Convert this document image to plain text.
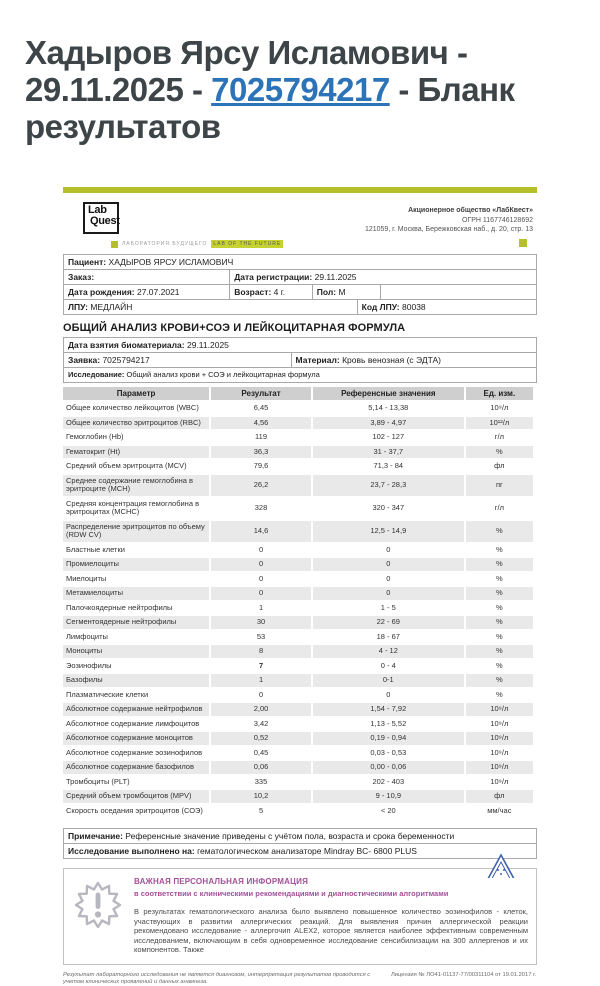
Хадыров Ярсу Исламович - 29.11.2025 - 7025794217 - Бланк результатов
Lab
Quest
ЛАБОРАТОРИЯ БУДУЩЕГО	LAB OF THE FUTURE
Акционерное общество «ЛабКвест»
ОГРН 1167746128692
121059, г. Москва, Бережковская наб., д. 20, стр. 13
Пациент: ХАДЫРОВ ЯРСУ ИСЛАМОВИЧ
Заказ:	Дата регистрации: 29.11.2025
Дата рождения: 27.07.2021	Возраст: 4 г.	Пол: М
ЛПУ: МЕДЛАЙН	Код ЛПУ: 80038
ОБЩИЙ АНАЛИЗ КРОВИ+СОЭ И ЛЕЙКОЦИТАРНАЯ ФОРМУЛА
Дата взятия биоматериала: 29.11.2025
Заявка: 7025794217	Материал: Кровь венозная (с ЭДТА)
Исследование: Общий анализ крови + СОЭ и лейкоцитарная формула
Параметр	Результат	Референсные значения	Ед. изм.
Общее количество лейкоцитов (WBC)	6,45	5,14 - 13,38	10⁹/л
Общее количество эритроцитов (RBC)	4,56	3,89 - 4,97	10¹²/л
Гемоглобин (Hb)	119	102 - 127	г/л
Гематокрит (Ht)	36,3	31 - 37,7	%
Средний объем эритроцита (MCV)	79,6	71,3 - 84	фл
Среднее содержание гемоглобина в эритроците (MCH)	26,2	23,7 - 28,3	пг
Средняя концентрация гемоглобина в эритроцитах (MCHC)	328	320 - 347	г/л
Распределение эритроцитов по объему (RDW CV)	14,6	12,5 - 14,9	%
Бластные клетки	0	0	%
Промиелоциты	0	0	%
Миелоциты	0	0	%
Метамиелоциты	0	0	%
Палочкоядерные нейтрофилы	1	1 - 5	%
Сегментоядерные нейтрофилы	30	22 - 69	%
Лимфоциты	53	18 - 67	%
Моноциты	8	4 - 12	%
Эозинофилы	7	0 - 4	%
Базофилы	1	0-1	%
Плазматические клетки	0	0	%
Абсолютное содержание нейтрофилов	2,00	1,54 - 7,92	10⁹/л
Абсолютное содержание лимфоцитов	3,42	1,13 - 5,52	10⁹/л
Абсолютное содержание моноцитов	0,52	0,19 - 0,94	10⁹/л
Абсолютное содержание эозинофилов	0,45	0,03 - 0,53	10⁹/л
Абсолютное содержание базофилов	0,06	0,00 - 0,06	10⁹/л
Тромбоциты (PLT)	335	202 - 403	10⁹/л
Средний объем тромбоцитов (MPV)	10,2	9 - 10,9	фл
Скорость оседания эритроцитов (СОЭ)	5	< 20	мм/час
Примечание: Референсные значение приведены с учётом пола, возраста и срока беременности
Исследование выполнено на: гематологическом анализаторе Mindray BC- 6800 PLUS
ВАЖНАЯ ПЕРСОНАЛЬНАЯ ИНФОРМАЦИЯ
в соответствии с клиническими рекомендациями и диагностическими алгоритмами
В результатах гематологического анализа было выявлено повышенное количество эозинофилов - клеток, участвующих в развитии аллергических реакций. Для выявления причин аллергической реакции рекомендовано исследование - аллергочип ALEX2, которое является наиболее эффективным современным исследованием, включающим в себя одновременное исследование сенсибилизации на 300 аллергенов и их компонентов. Также
Результат лабораторного исследования не является диагнозом, интерпретация результатов проводится с учетом клинических проявлений и данных анамнеза.
Лицензия № ЛО41-01137-77/00311104 от 19.01.2017 г.
